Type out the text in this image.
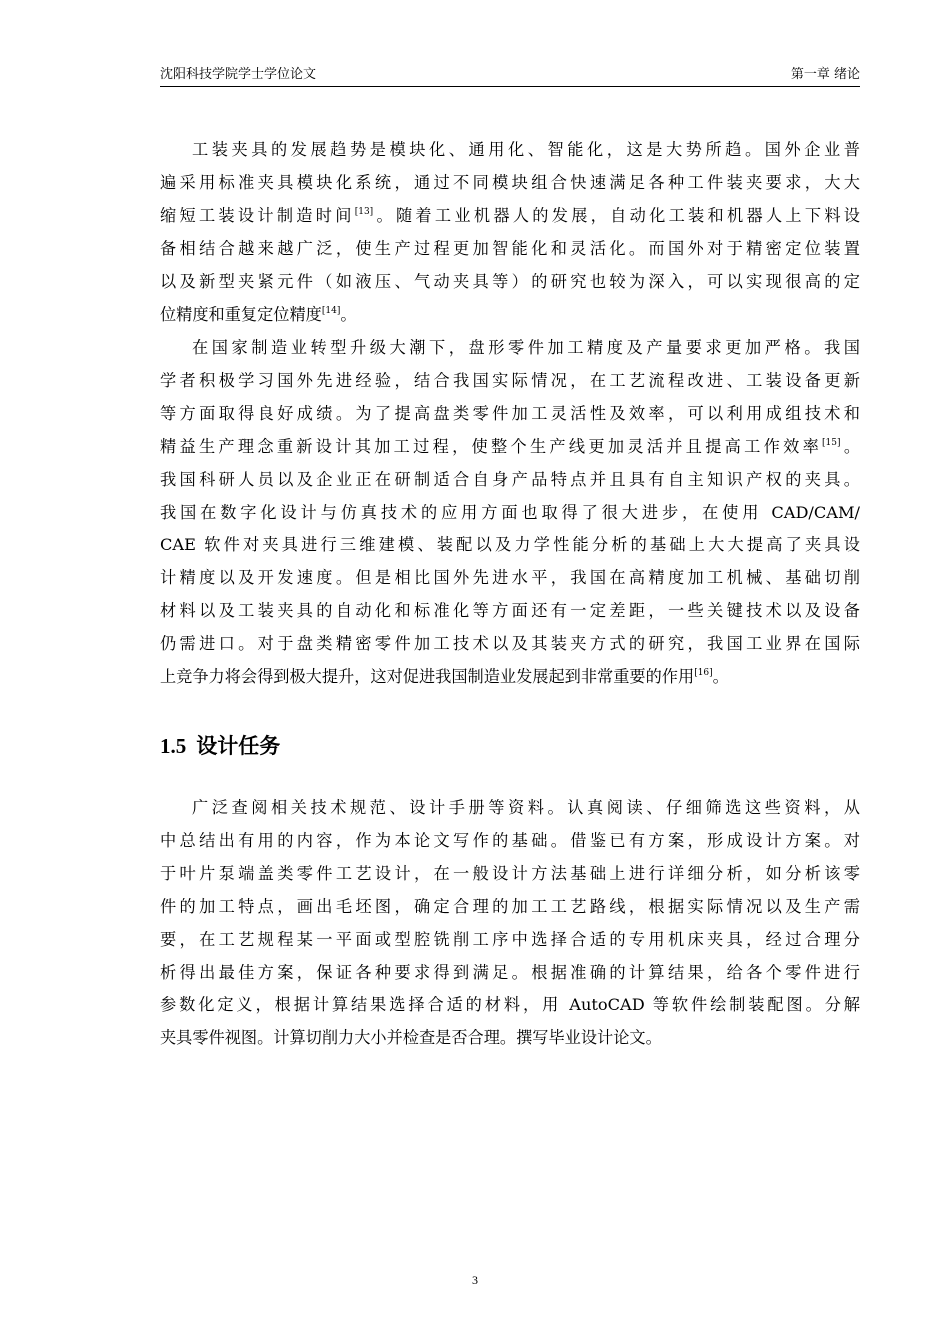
沈阳科技学院学士学位论文	第一章 绪论
工装夹具的发展趋势是模块化、通用化、智能化，这是大势所趋。国外企业普
遍采用标准夹具模块化系统，通过不同模块组合快速满足各种工件装夹要求，大大
缩短工装设计制造时间[13]。随着工业机器人的发展，自动化工装和机器人上下料设
备相结合越来越广泛，使生产过程更加智能化和灵活化。而国外对于精密定位装置
以及新型夹紧元件（如液压、气动夹具等）的研究也较为深入，可以实现很高的定
位精度和重复定位精度[14]。
在国家制造业转型升级大潮下，盘形零件加工精度及产量要求更加严格。我国
学者积极学习国外先进经验，结合我国实际情况，在工艺流程改进、工装设备更新
等方面取得良好成绩。为了提高盘类零件加工灵活性及效率，可以利用成组技术和
精益生产理念重新设计其加工过程，使整个生产线更加灵活并且提高工作效率[15]。
我国科研人员以及企业正在研制适合自身产品特点并且具有自主知识产权的夹具。
我国在数字化设计与仿真技术的应用方面也取得了很大进步，在使用 CAD/CAM/
CAE 软件对夹具进行三维建模、装配以及力学性能分析的基础上大大提高了夹具设
计精度以及开发速度。但是相比国外先进水平，我国在高精度加工机械、基础切削
材料以及工装夹具的自动化和标准化等方面还有一定差距，一些关键技术以及设备
仍需进口。对于盘类精密零件加工技术以及其装夹方式的研究，我国工业界在国际
上竞争力将会得到极大提升，这对促进我国制造业发展起到非常重要的作用[16]。
1.5 设计任务
广泛查阅相关技术规范、设计手册等资料。认真阅读、仔细筛选这些资料，从
中总结出有用的内容，作为本论文写作的基础。借鉴已有方案，形成设计方案。对
于叶片泵端盖类零件工艺设计，在一般设计方法基础上进行详细分析，如分析该零
件的加工特点，画出毛坯图，确定合理的加工工艺路线，根据实际情况以及生产需
要，在工艺规程某一平面或型腔铣削工序中选择合适的专用机床夹具，经过合理分
析得出最佳方案，保证各种要求得到满足。根据准确的计算结果，给各个零件进行
参数化定义，根据计算结果选择合适的材料，用 AutoCAD 等软件绘制装配图。分解
夹具零件视图。计算切削力大小并检查是否合理。撰写毕业设计论文。
3
